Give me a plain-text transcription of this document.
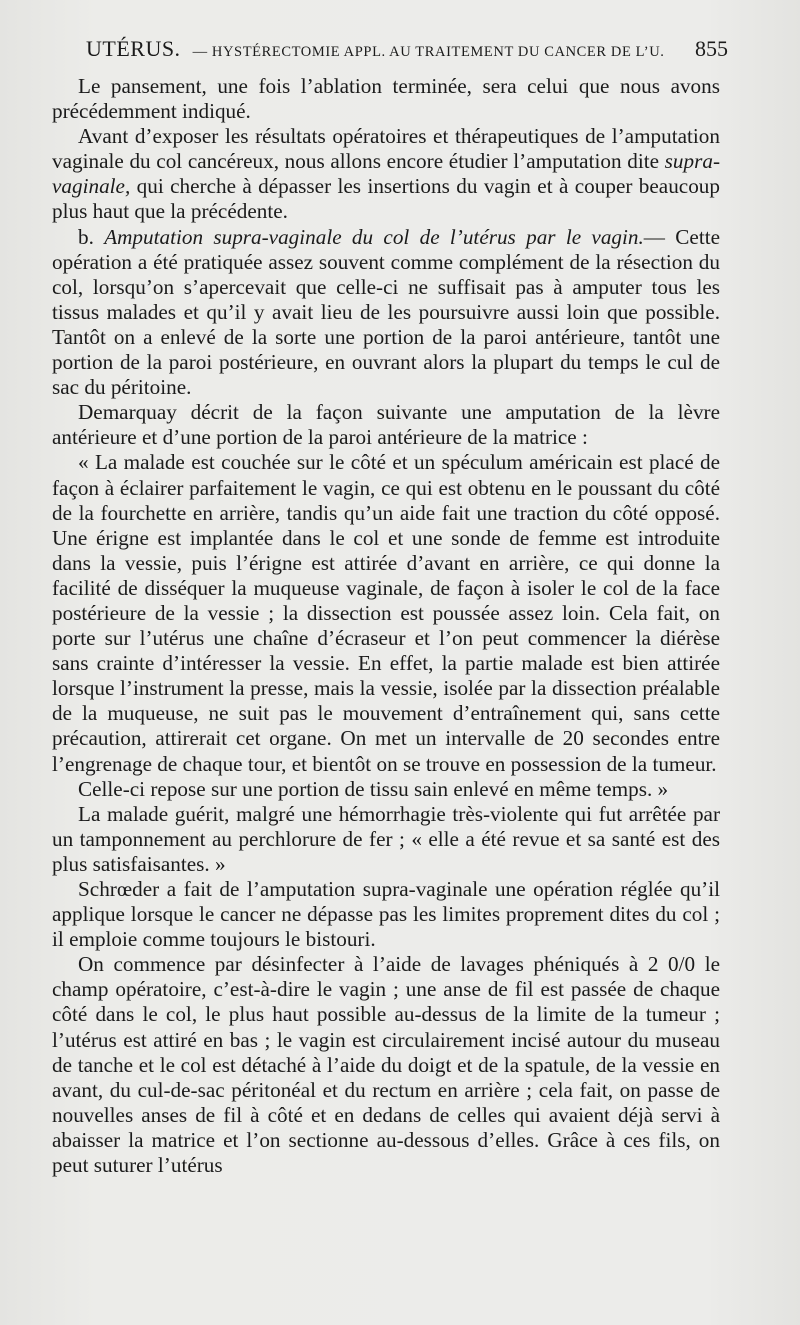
UTÉRUS. — HYSTÉRECTOMIE APPL. AU TRAITEMENT DU CANCER DE L’U.	855

Le pansement, une fois l’ablation terminée, sera celui que nous avons précédemment indiqué.

Avant d’exposer les résultats opératoires et thérapeutiques de l’amputation vaginale du col cancéreux, nous allons encore étudier l’amputation dite supra-vaginale, qui cherche à dépasser les insertions du vagin et à couper beaucoup plus haut que la précédente.

b. Amputation supra-vaginale du col de l’utérus par le vagin.— Cette opération a été pratiquée assez souvent comme complément de la résection du col, lorsqu’on s’apercevait que celle-ci ne suffisait pas à amputer tous les tissus malades et qu’il y avait lieu de les poursuivre aussi loin que possible. Tantôt on a enlevé de la sorte une portion de la paroi antérieure, tantôt une portion de la paroi postérieure, en ouvrant alors la plupart du temps le cul de sac du péritoine.

Demarquay décrit de la façon suivante une amputation de la lèvre antérieure et d’une portion de la paroi antérieure de la matrice :

« La malade est couchée sur le côté et un spéculum américain est placé de façon à éclairer parfaitement le vagin, ce qui est obtenu en le poussant du côté de la fourchette en arrière, tandis qu’un aide fait une traction du côté opposé. Une érigne est implantée dans le col et une sonde de femme est introduite dans la vessie, puis l’érigne est attirée d’avant en arrière, ce qui donne la facilité de disséquer la muqueuse vaginale, de façon à isoler le col de la face postérieure de la vessie ; la dissection est poussée assez loin. Cela fait, on porte sur l’utérus une chaîne d’écraseur et l’on peut commencer la diérèse sans crainte d’intéresser la vessie. En effet, la partie malade est bien attirée lorsque l’instrument la presse, mais la vessie, isolée par la dissection préalable de la muqueuse, ne suit pas le mouvement d’entraînement qui, sans cette précaution, attirerait cet organe. On met un intervalle de 20 secondes entre l’engrenage de chaque tour, et bientôt on se trouve en possession de la tumeur.

Celle-ci repose sur une portion de tissu sain enlevé en même temps. »

La malade guérit, malgré une hémorrhagie très-violente qui fut arrêtée par un tamponnement au perchlorure de fer ; « elle a été revue et sa santé est des plus satisfaisantes. »

Schrœder a fait de l’amputation supra-vaginale une opération réglée qu’il applique lorsque le cancer ne dépasse pas les limites proprement dites du col ; il emploie comme toujours le bistouri.

On commence par désinfecter à l’aide de lavages phéniqués à 2 0/0 le champ opératoire, c’est-à-dire le vagin ; une anse de fil est passée de chaque côté dans le col, le plus haut possible au-dessus de la limite de la tumeur ; l’utérus est attiré en bas ; le vagin est circulairement incisé autour du museau de tanche et le col est détaché à l’aide du doigt et de la spatule, de la vessie en avant, du cul-de-sac péritonéal et du rectum en arrière ; cela fait, on passe de nouvelles anses de fil à côté et en dedans de celles qui avaient déjà servi à abaisser la matrice et l’on sectionne au-dessous d’elles. Grâce à ces fils, on peut suturer l’utérus
